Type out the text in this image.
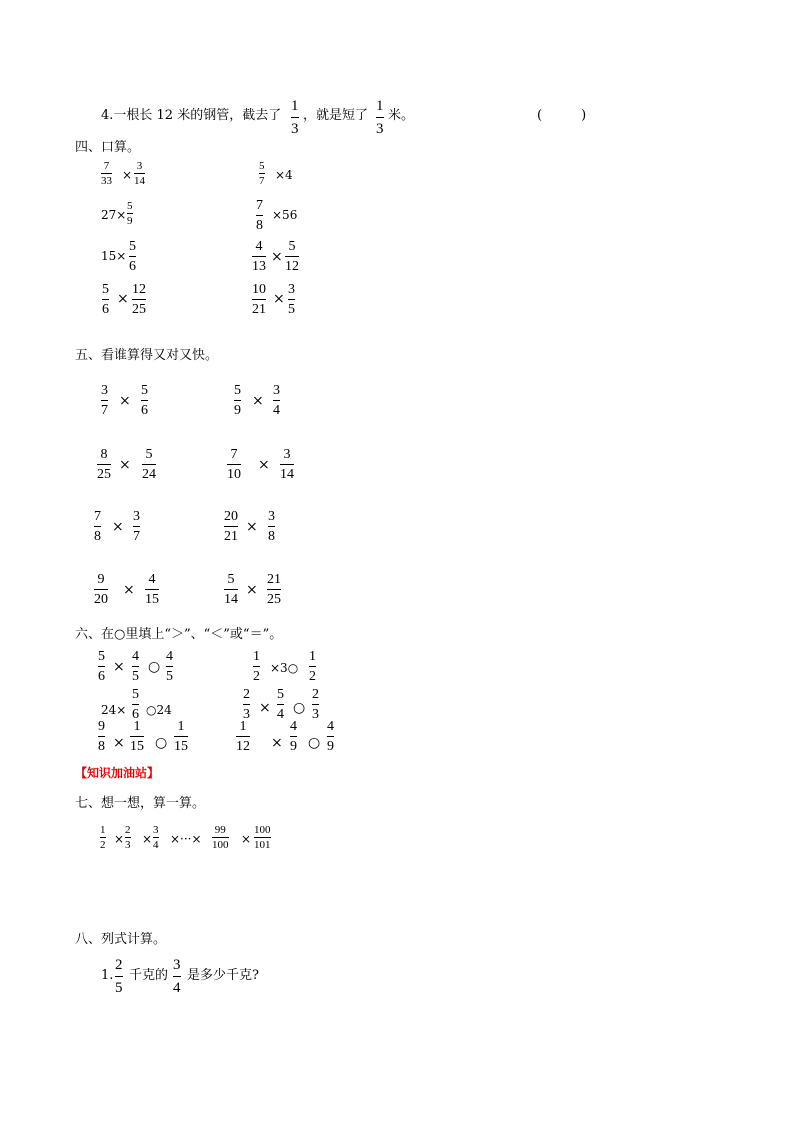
4.一根长 12 米的钢管，截去了
1
3
，就是短了
1
3
米。	(　　　)
四、口算。
7
33 ×
3
14
5
7 ×4
27×
5
9
7
8
×56
15×
5
6
4
13
×
5
12
5
6
×
12
25
10
21
×
3
5
五、看谁算得又对又快。
3
7
×
5
6
5
9
×
3
4
8
25
×
5
24
7
10
×
3
14
7
8
×
3
7
20
21
×
3
8
9
20
×
4
15
5
14
×
21
25
六、在○里填上“＞”、“＜”或“＝”。
5
6
×
4
5
○
4
5
1
2
×3○
1
2
24×
5
6 ○24
2
3 ×
5
4 ○
2
3
9
8 ×
1
15 ○
1
15
1
12 ×
4
9 ○
4
9
【知识加油站】
七、想一想，算一算。
1
2 ×
2
3 ×
3
4 ×···×
99
100 ×
100
101
八、列式计算。
1.
2
5
千克的
3
4
是多少千克?
